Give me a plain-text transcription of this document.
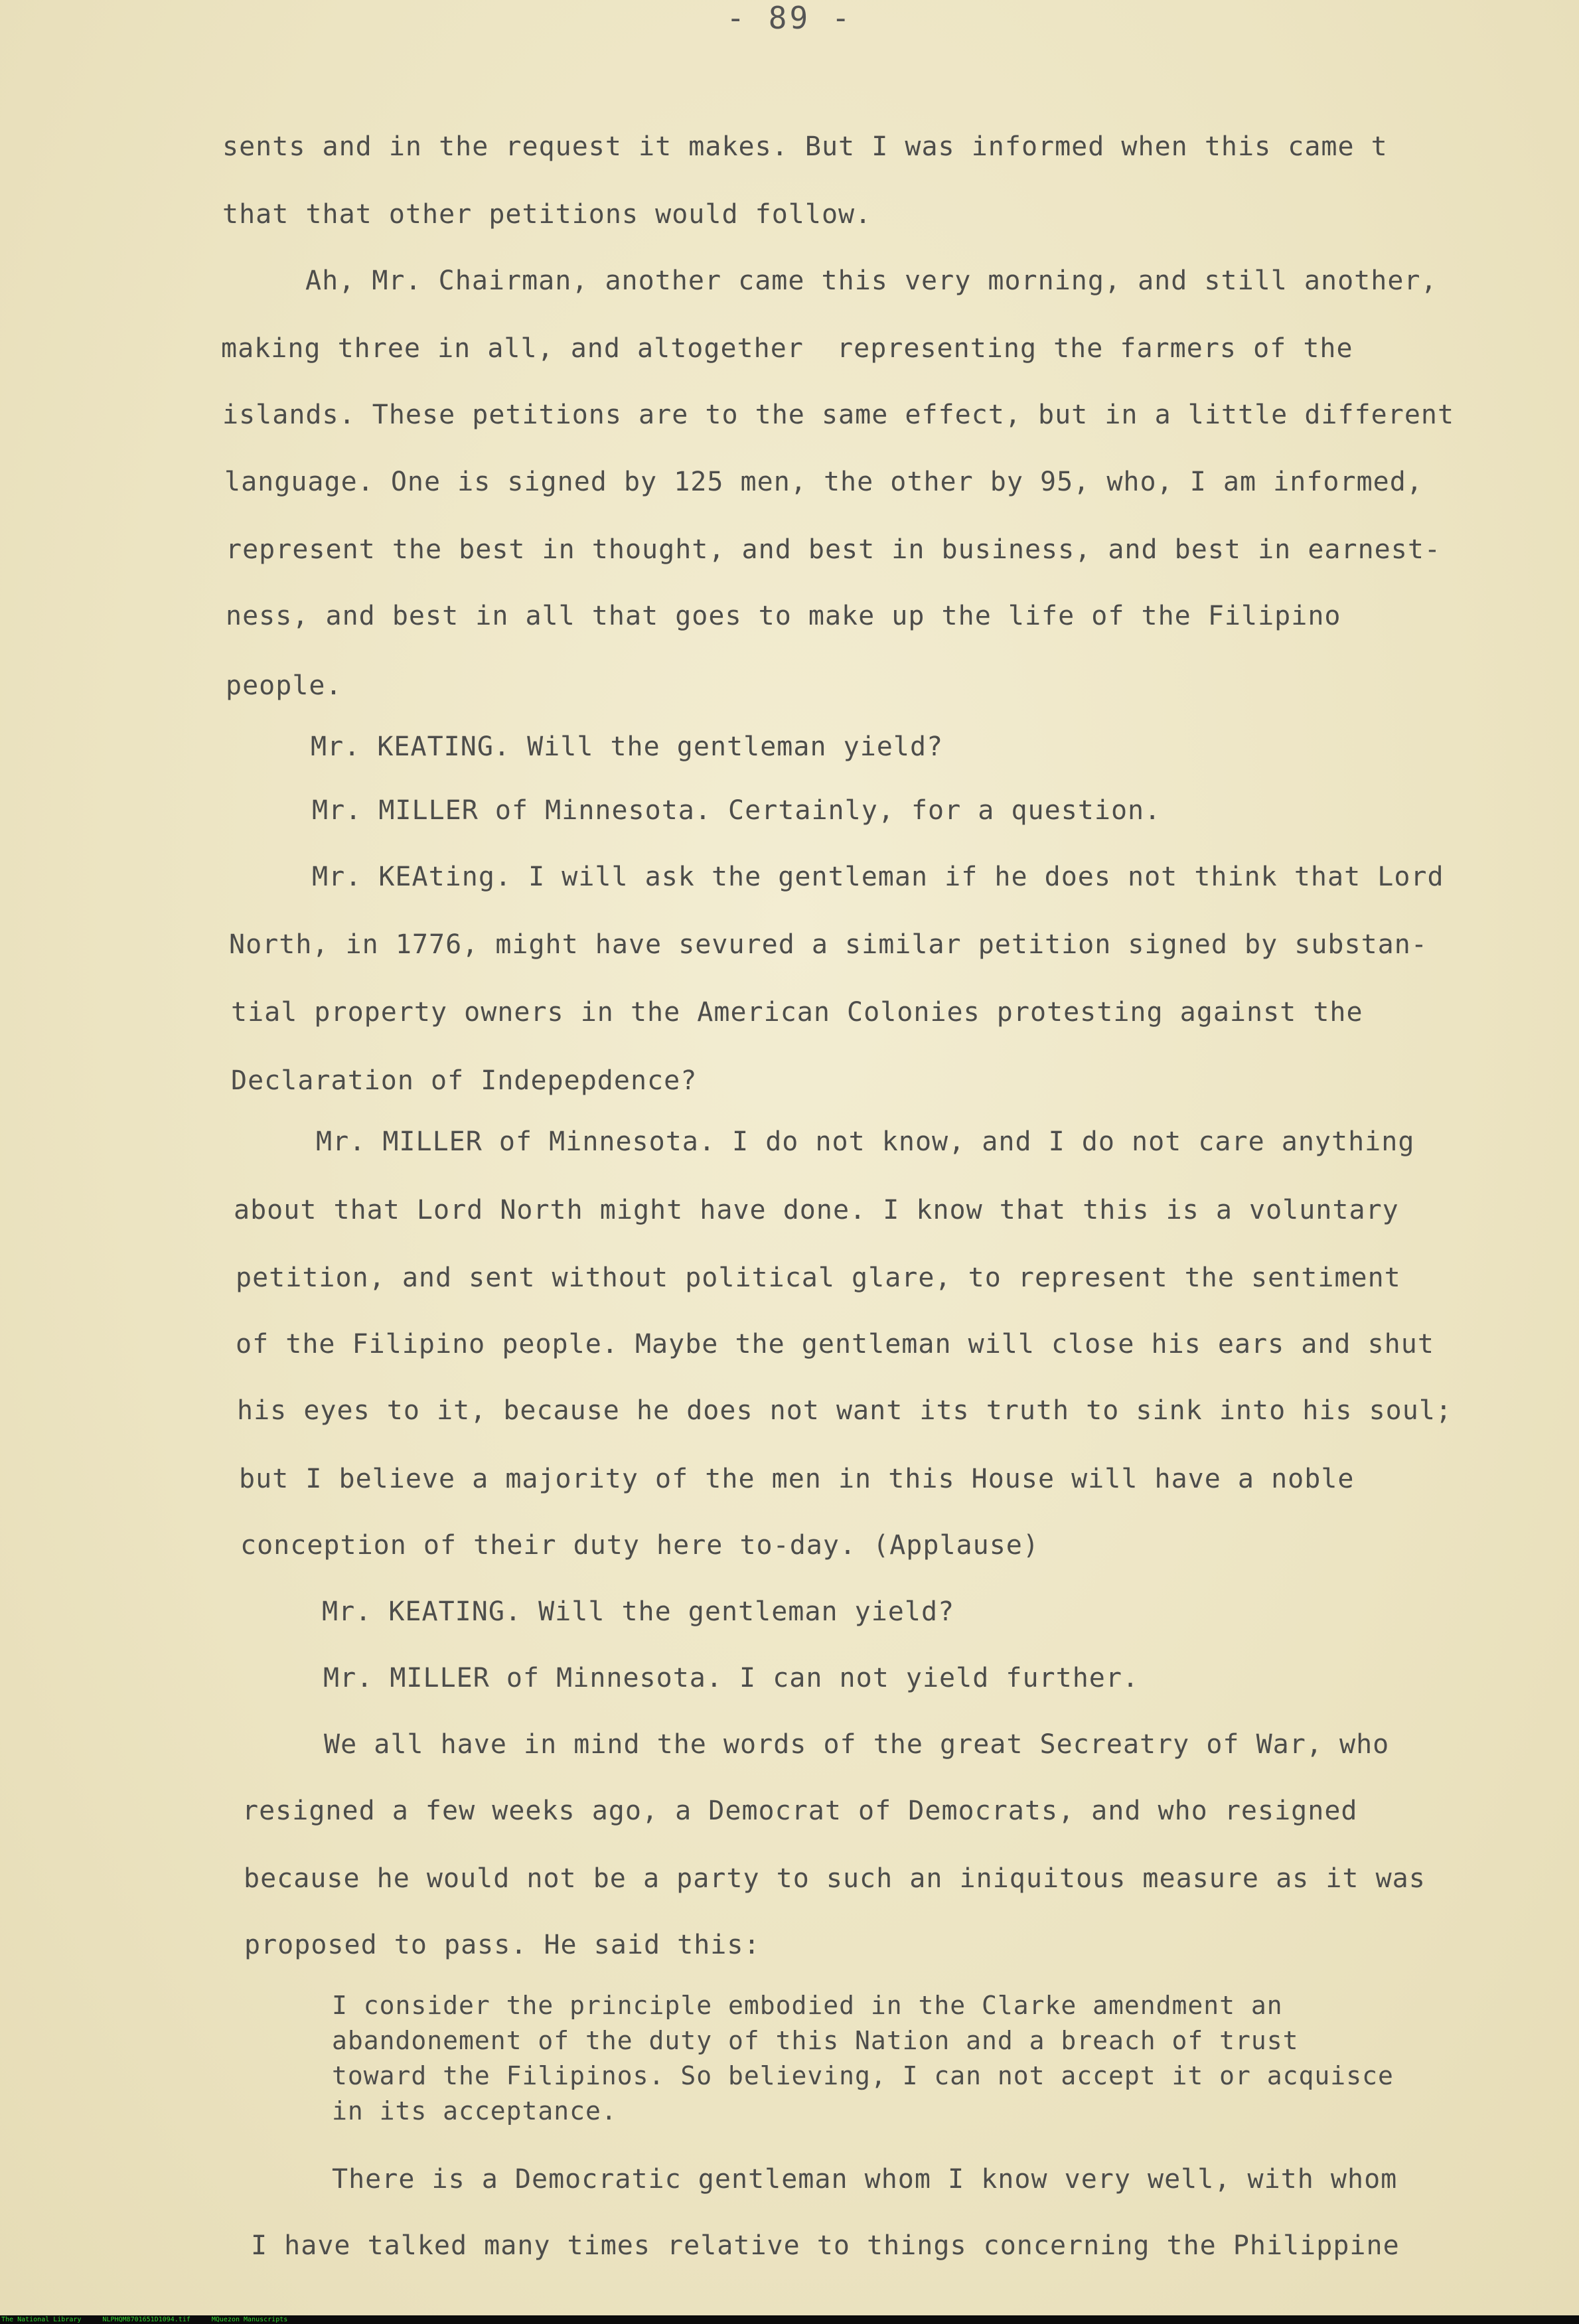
- 89 -
sents and in the request it makes. But I was informed when this came t
that that other petitions would follow.
Ah, Mr. Chairman, another came this very morning, and still another,
making three in all, and altogether  representing the farmers of the
islands. These petitions are to the same effect, but in a little different
language. One is signed by 125 men, the other by 95, who, I am informed,
represent the best in thought, and best in business, and best in earnest-
ness, and best in all that goes to make up the life of the Filipino
people.
Mr. KEATING. Will the gentleman yield?
Mr. MILLER of Minnesota. Certainly, for a question.
Mr. KEAting. I will ask the gentleman if he does not think that Lord
North, in 1776, might have sevured a similar petition signed by substan-
tial property owners in the American Colonies protesting against the
Declaration of Indepepdence?
Mr. MILLER of Minnesota. I do not know, and I do not care anything
about that Lord North might have done. I know that this is a voluntary
petition, and sent without political glare, to represent the sentiment
of the Filipino people. Maybe the gentleman will close his ears and shut
his eyes to it, because he does not want its truth to sink into his soul;
but I believe a majority of the men in this House will have a noble
conception of their duty here to-day. (Applause)
Mr. KEATING. Will the gentleman yield?
Mr. MILLER of Minnesota. I can not yield further.
We all have in mind the words of the great Secreatry of War, who
resigned a few weeks ago, a Democrat of Democrats, and who resigned
because he would not be a party to such an iniquitous measure as it was
proposed to pass. He said this:
I consider the principle embodied in the Clarke amendment an
abandonement of the duty of this Nation and a breach of trust
toward the Filipinos. So believing, I can not accept it or acquisce
in its acceptance.
There is a Democratic gentleman whom I know very well, with whom
I have talked many times relative to things concerning the Philippine
The National Library	NLPHQM8701651D1094.tif	MQuezon Manuscripts
